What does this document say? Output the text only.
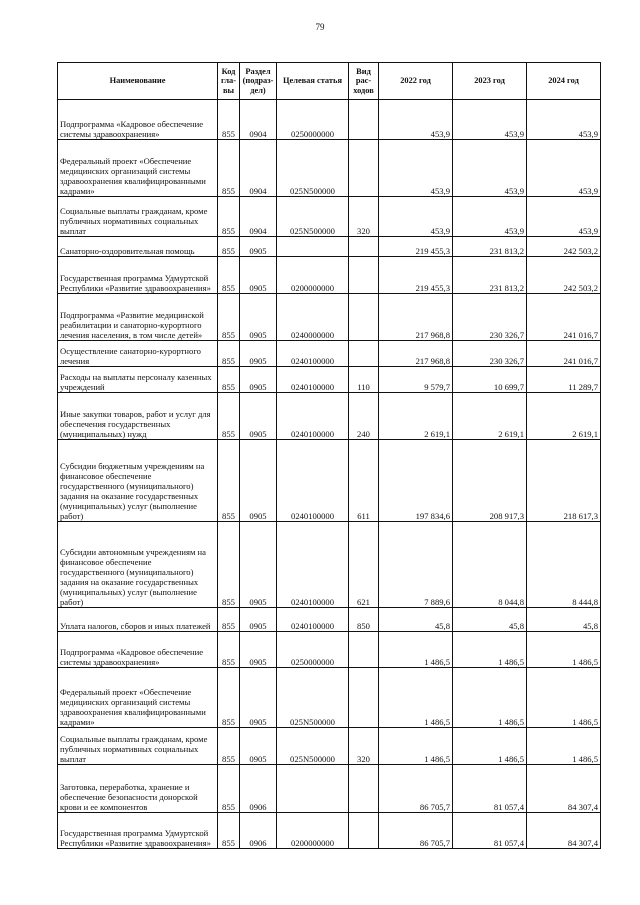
79
Наименование	Код гла-вы	Раздел (подраз-дел)	Целевая статья	Вид рас-ходов	2022 год	2023 год	2024 год
Подпрограмма «Кадровое обеспечение системы здравоохранения»	855	0904	0250000000		453,9	453,9	453,9
Федеральный проект «Обеспечение медицинских организаций системы здравоохранения квалифицированными кадрами»	855	0904	025N500000		453,9	453,9	453,9
Социальные выплаты гражданам, кроме публичных нормативных социальных выплат	855	0904	025N500000	320	453,9	453,9	453,9
Санаторно-оздоровительная помощь	855	0905			219 455,3	231 813,2	242 503,2
Государственная программа Удмуртской Республики «Развитие здравоохранения»	855	0905	0200000000		219 455,3	231 813,2	242 503,2
Подпрограмма «Развитие медицинской реабилитации и санаторно-курортного лечения населения, в том числе детей»	855	0905	0240000000		217 968,8	230 326,7	241 016,7
Осуществление санаторно-курортного лечения	855	0905	0240100000		217 968,8	230 326,7	241 016,7
Расходы на выплаты персоналу казенных учреждений	855	0905	0240100000	110	9 579,7	10 699,7	11 289,7
Иные закупки товаров, работ и услуг для обеспечения государственных (муниципальных) нужд	855	0905	0240100000	240	2 619,1	2 619,1	2 619,1
Субсидии бюджетным учреждениям на финансовое обеспечение государственного (муниципального) задания на оказание государственных (муниципальных) услуг (выполнение работ)	855	0905	0240100000	611	197 834,6	208 917,3	218 617,3
Субсидии автономным учреждениям на финансовое обеспечение государственного (муниципального) задания на оказание государственных (муниципальных) услуг (выполнение работ)	855	0905	0240100000	621	7 889,6	8 044,8	8 444,8
Уплата налогов, сборов и иных платежей	855	0905	0240100000	850	45,8	45,8	45,8
Подпрограмма «Кадровое обеспечение системы здравоохранения»	855	0905	0250000000		1 486,5	1 486,5	1 486,5
Федеральный проект «Обеспечение медицинских организаций системы здравоохранения квалифицированными кадрами»	855	0905	025N500000		1 486,5	1 486,5	1 486,5
Социальные выплаты гражданам, кроме публичных нормативных социальных выплат	855	0905	025N500000	320	1 486,5	1 486,5	1 486,5
Заготовка, переработка, хранение и обеспечение безопасности донорской крови и ее компонентов	855	0906			86 705,7	81 057,4	84 307,4
Государственная программа Удмуртской Республики «Развитие здравоохранения»	855	0906	0200000000		86 705,7	81 057,4	84 307,4
